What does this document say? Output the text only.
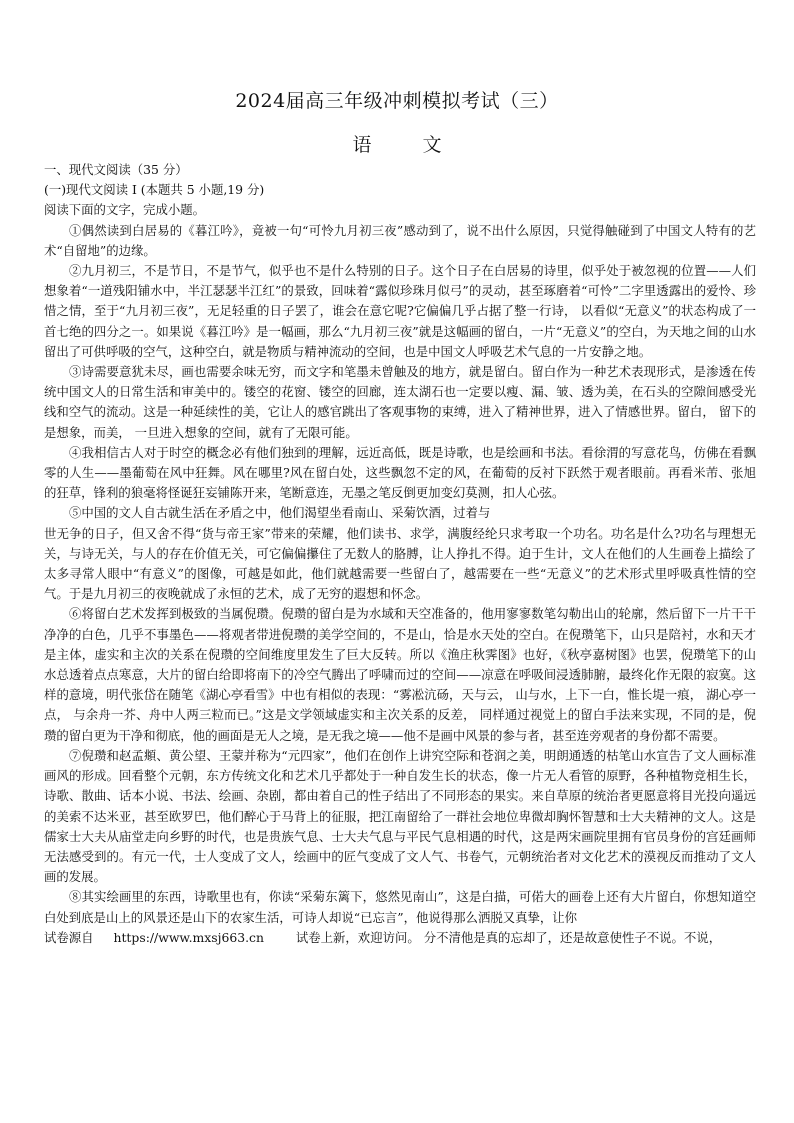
2024届高三年级冲刺模拟考试（三）
语　文

一、现代文阅读（35 分）

(一)现代文阅读 I (本题共 5 小题,19 分)

阅读下面的文字，完成小题。

①偶然读到白居易的《暮江吟》，竟被一句“可怜九月初三夜”感动到了，说不出什么原因，只觉得触碰到了中国文人特有的艺术“自留地”的边缘。

②九月初三，不是节日，不是节气，似乎也不是什么特别的日子。这个日子在白居易的诗里，似乎处于被忽视的位置——人们想象着“一道残阳铺水中，半江瑟瑟半江红”的景致，回味着“露似珍珠月似弓”的灵动，甚至琢磨着“可怜”二字里透露出的爱怜、珍惜之情，至于“九月初三夜”，无足轻重的日子罢了，谁会在意它呢?它偏偏几乎占据了整一行诗， 以看似“无意义”的状态构成了一首七绝的四分之一。如果说《暮江吟》是一幅画，那么“九月初三夜”就是这幅画的留白，一片“无意义”的空白，为天地之间的山水留出了可供呼吸的空气，这种空白，就是物质与精神流动的空间，也是中国文人呼吸艺术气息的一片安静之地。

③诗需要意犹未尽，画也需要余味无穷，而文字和笔墨未曾触及的地方，就是留白。留白作为一种艺术表现形式，是渗透在传统中国文人的日常生活和审美中的。镂空的花窗、镂空的回廊，连太湖石也一定要以瘦、漏、皱、透为美，在石头的空隙间感受光线和空气的流动。这是一种延续性的美，它让人的感官跳出了客观事物的束缚，进入了精神世界，进入了情感世界。留白， 留下的是想象，而美， 一旦进入想象的空间，就有了无限可能。

④我相信古人对于时空的概念必有他们独到的理解，远近高低，既是诗歌，也是绘画和书法。看徐渭的写意花鸟，仿佛在看飘零的人生——墨葡萄在风中狂舞。风在哪里?风在留白处，这些飘忽不定的风，在葡萄的反衬下跃然于观者眼前。再看米芾、张旭的狂草，锋利的狼毫将怪诞狂妄铺陈开来，笔断意连，无墨之笔反倒更加变幻莫测，扣人心弦。

⑤中国的文人自古就生活在矛盾之中，他们渴望坐看南山、采菊饮酒，过着与

世无争的日子，但又舍不得“货与帝王家”带来的荣耀，他们读书、求学，满腹经纶只求考取一个功名。功名是什么?功名与理想无关，与诗无关，与人的存在价值无关，可它偏偏攥住了无数人的胳膊，让人挣扎不得。迫于生计，文人在他们的人生画卷上描绘了太多寻常人眼中“有意义”的图像，可越是如此，他们就越需要一些留白了，越需要在一些“无意义”的艺术形式里呼吸真性情的空气。于是九月初三的夜晚就成了永恒的艺术，成了无穷的遐想和怀念。

⑥将留白艺术发挥到极致的当属倪瓒。倪瓒的留白是为水域和天空准备的，他用寥寥数笔勾勒出山的轮廓，然后留下一片干干净净的白色，几乎不事墨色——将观者带进倪瓒的美学空间的，不是山，恰是水天处的空白。在倪瓒笔下，山只是陪衬，水和天才是主体，虚实和主次的关系在倪瓒的空间维度里发生了巨大反转。所以《渔庄秋霁图》也好，《秋亭嘉树图》也罢，倪瓒笔下的山水总透着点点寒意，大片的留白给即将南下的冷空气腾出了呼啸而过的空间——凉意在呼吸间浸透肺腑，最终化作无限的寂寞。这样的意境，明代张岱在随笔《湖心亭看雪》中也有相似的表现：“雾凇沆砀，天与云， 山与水，上下一白，惟长堤一痕， 湖心亭一点， 与余舟一芥、舟中人两三粒而已。”这是文学领域虚实和主次关系的反差， 同样通过视觉上的留白手法来实现，不同的是，倪瓒的留白更为干净和彻底，他的画面是无人之境，是无我之境——他不是画中风景的参与者，甚至连旁观者的身份都不需要。

⑦倪瓒和赵孟頫、黄公望、王蒙并称为“元四家”，他们在创作上讲究空际和苍润之美，明朗通透的枯笔山水宣告了文人画标准画风的形成。回看整个元朝，东方传统文化和艺术几乎都处于一种自发生长的状态，像一片无人看管的原野，各种植物竞相生长，诗歌、散曲、话本小说、书法、绘画、杂剧，都由着自己的性子结出了不同形态的果实。来自草原的统治者更愿意将目光投向遥远的美索不达米亚，甚至欧罗巴，他们醉心于马背上的征服，把江南留给了一群社会地位卑微却胸怀智慧和士大夫精神的文人。这是儒家士大夫从庙堂走向乡野的时代，也是贵族气息、士大夫气息与平民气息相遇的时代，这是两宋画院里拥有官员身份的宫廷画师无法感受到的。有元一代，士人变成了文人，绘画中的匠气变成了文人气、书卷气，元朝统治者对文化艺术的漠视反而推动了文人画的发展。

⑧其实绘画里的东西，诗歌里也有，你读“采菊东篱下，悠然见南山”，这是白描，可偌大的画卷上还有大片留白，你想知道空白处到底是山上的风景还是山下的农家生活，可诗人却说“已忘言”，他说得那么洒脱又真挚，让你

试卷源自 https://www.mxsj663.cn	试卷上新，欢迎访问。 分不清他是真的忘却了，还是故意使性子不说。不说，
